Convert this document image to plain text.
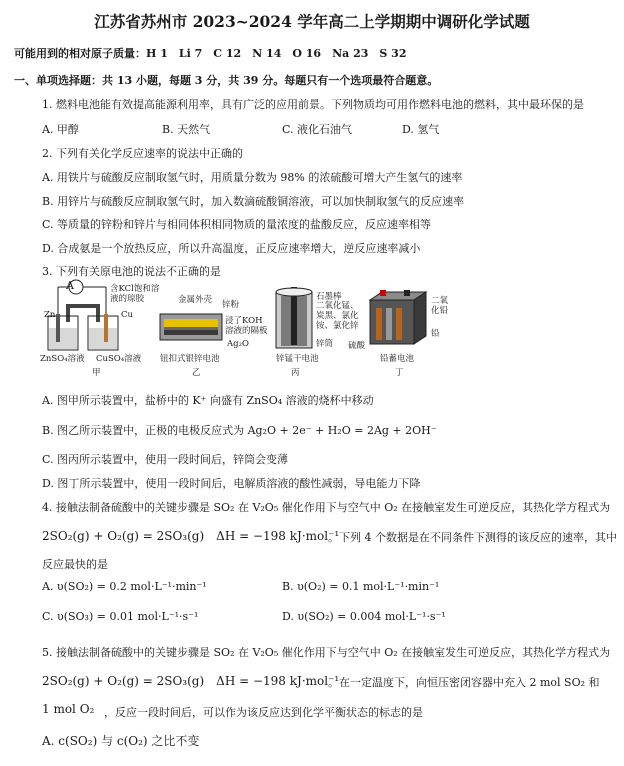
江苏省苏州市 2023~2024 学年高二上学期期中调研化学试题
可能用到的相对原子质量：H 1　Li 7　C 12　N 14　O 16　Na 23　S 32
一、单项选择题：共 13 小题，每题 3 分，共 39 分。每题只有一个选项最符合题意。
1. 燃料电池能有效提高能源利用率，具有广泛的应用前景。下列物质均可用作燃料电池的燃料，其中最环保的是
A. 甲醇	B. 天然气	C. 液化石油气	D. 氢气
2. 下列有关化学反应速率的说法中正确的
A. 用铁片与硫酸反应制取氢气时，用质量分数为 98% 的浓硫酸可增大产生氢气的速率
B. 用锌片与硫酸反应制取氢气时，加入数滴硫酸铜溶液，可以加快制取氢气的反应速率
C. 等质量的锌粉和锌片与相同体积相同物质的量浓度的盐酸反应，反应速率相等
D. 合成氨是一个放热反应，所以升高温度，正反应速率增大，逆反应速率减小
3. 下列有关原电池的说法不正确的是
A	含KCl饱和溶液的琼胶
Zn	Cu
ZnSO₄溶液 CuSO₄溶液
甲
金属外壳 锌粉
浸了KOH溶液的隔板
Ag₂O
钮扣式银锌电池
乙
石墨棒
二氧化锰、炭黑、氯化铵、氯化锌
锌筒
锌锰干电池
丙
二氧化铅
铅
硫酸
铅蓄电池
丁
A. 图甲所示装置中，盐桥中的 K⁺ 向盛有 ZnSO₄ 溶液的烧杯中移动
B. 图乙所示装置中，正极的电极反应式为 Ag₂O + 2e⁻ + H₂O = 2Ag + 2OH⁻
C. 图丙所示装置中，使用一段时间后，锌筒会变薄
D. 图丁所示装置中，使用一段时间后，电解质溶液的酸性减弱，导电能力下降
4. 接触法制备硫酸中的关键步骤是 SO₂ 在 V₂O₅ 催化作用下与空气中 O₂ 在接触室发生可逆反应，其热化学方程式为
2SO₂(g) + O₂(g) = 2SO₃(g)　ΔH = −198 kJ·mol⁻¹
。下列 4 个数据是在不同条件下测得的该反应的速率，其中
反应最快的是
A. υ(SO₂) = 0.2 mol·L⁻¹·min⁻¹	B. υ(O₂) = 0.1 mol·L⁻¹·min⁻¹
C. υ(SO₃) = 0.01 mol·L⁻¹·s⁻¹	D. υ(SO₂) = 0.004 mol·L⁻¹·s⁻¹
5. 接触法制备硫酸中的关键步骤是 SO₂ 在 V₂O₅ 催化作用下与空气中 O₂ 在接触室发生可逆反应，其热化学方程式为
2SO₂(g) + O₂(g) = 2SO₃(g)　ΔH = −198 kJ·mol⁻¹
。在一定温度下，向恒压密闭容器中充入 2 mol SO₂ 和
1 mol O₂ ，反应一段时间后，可以作为该反应达到化学平衡状态的标志的是
A. c(SO₂) 与 c(O₂) 之比不变
